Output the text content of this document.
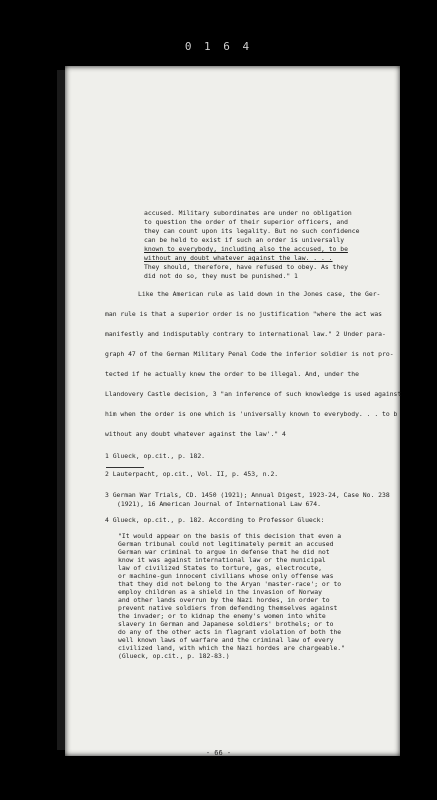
0 1 6 4
accused. Military subordinates are under no obligation
to question the order of their superior officers, and
they can count upon its legality. But no such confidence
can be held to exist if such an order is universally
known to everybody, including also the accused, to be
without any doubt whatever against the law. . . .
They should, therefore, have refused to obey. As they
did not do so, they must be punished." 1
Like the American rule as laid down in the Jones case, the Ger-
man rule is that a superior order is no justification "where the act was
manifestly and indisputably contrary to international law." 2 Under para-
graph 47 of the German Military Penal Code the inferior soldier is not pro-
tected if he actually knew the order to be illegal. And, under the
Llandovery Castle decision, 3 "an inference of such knowledge is used against
him when the order is one which is 'universally known to everybody. . . to b
without any doubt whatever against the law'." 4
1 Glueck, op.cit., p. 182.
2 Lauterpacht, op.cit., Vol. II, p. 453, n.2.
3 German War Trials, CD. 1450 (1921); Annual Digest, 1923-24, Case No. 238
(1921), 16 American Journal of International Law 674.
4 Glueck, op.cit., p. 182. According to Professor Glueck:
"It would appear on the basis of this decision that even a
German tribunal could not legitimately permit an accused
German war criminal to argue in defense that he did not
know it was against international law or the municipal
law of civilized States to torture, gas, electrocute,
or machine-gun innocent civilians whose only offense was
that they did not belong to the Aryan 'master-race'; or to
employ children as a shield in the invasion of Norway
and other lands overrun by the Nazi hordes, in order to
prevent native soldiers from defending themselves against
the invader; or to kidnap the enemy's women into white
slavery in German and Japanese soldiers' brothels; or to
do any of the other acts in flagrant violation of both the
well known laws of warfare and the criminal law of every
civilized land, with which the Nazi hordes are chargeable."
(Glueck, op.cit., p. 182-83.)
- 66 -
